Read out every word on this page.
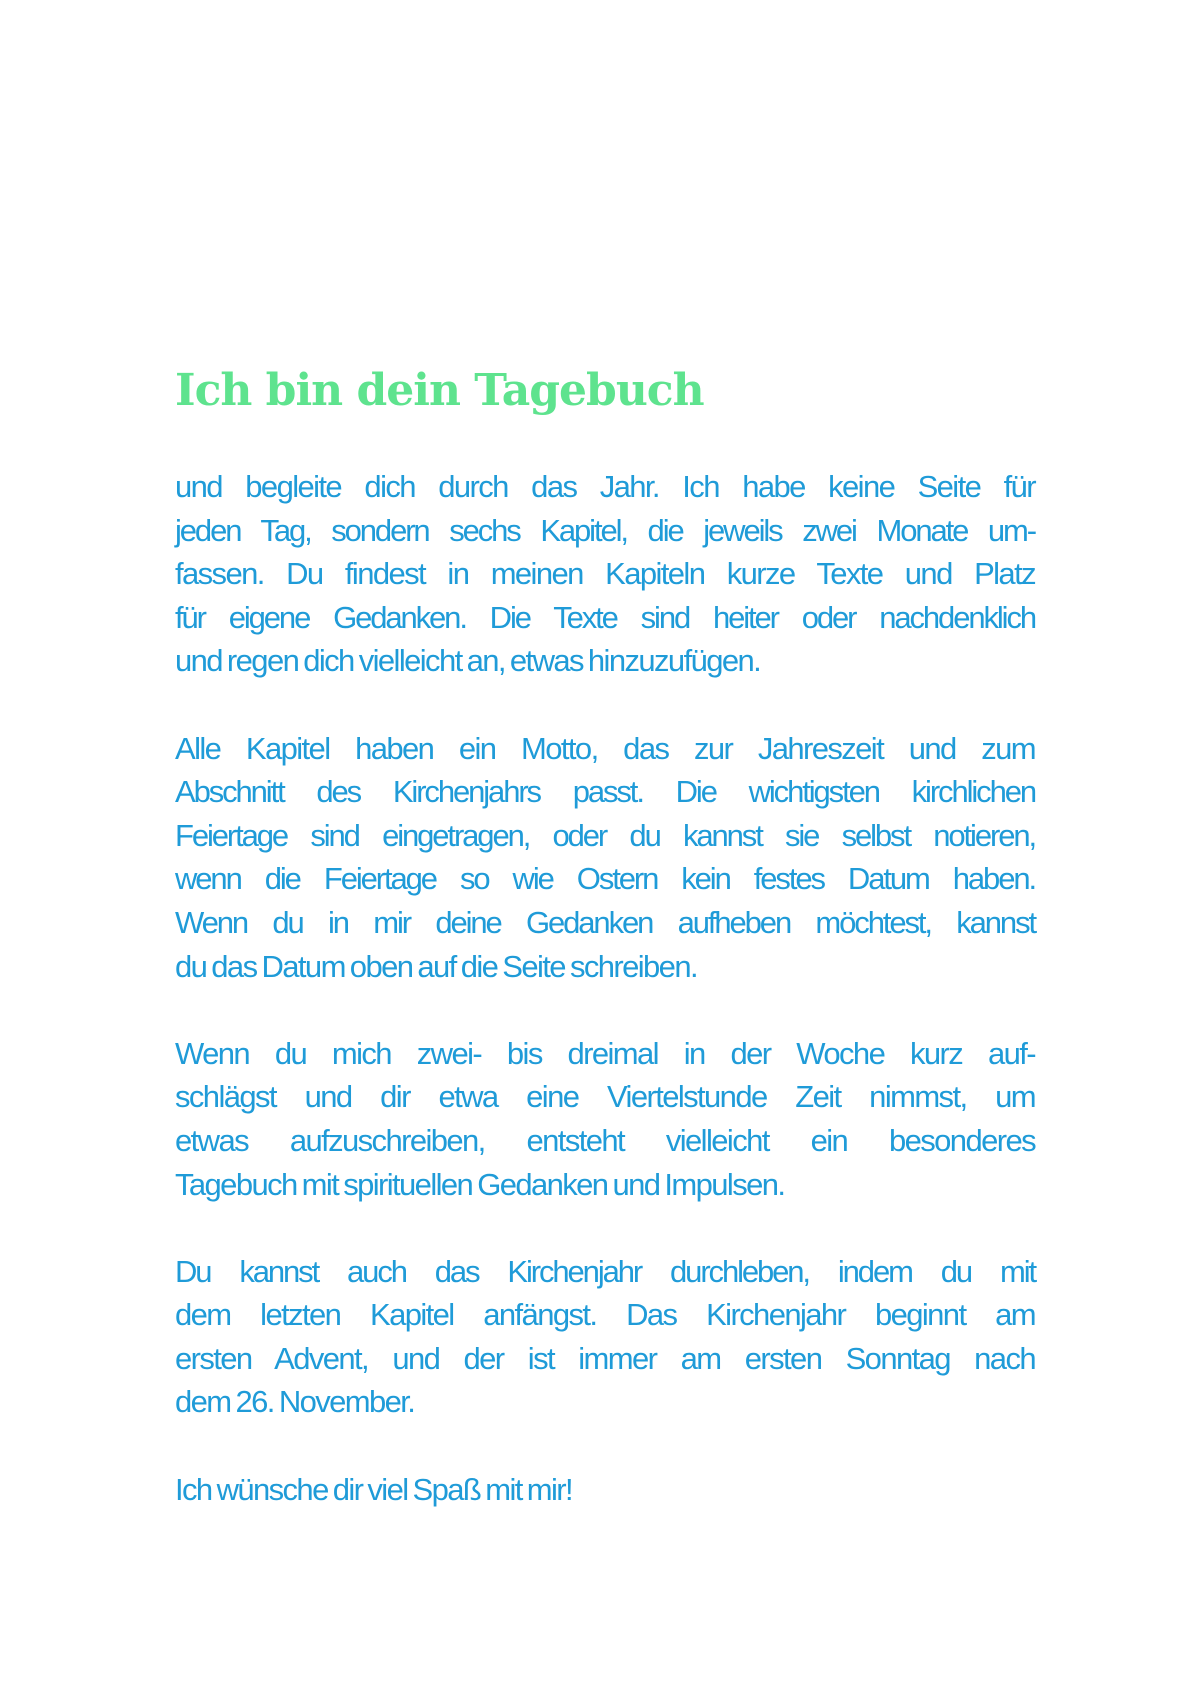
Ich bin dein Tagebuch

und begleite dich durch das Jahr. Ich habe keine Seite für
jeden Tag, sondern sechs Kapitel, die jeweils zwei Monate um-
fassen. Du findest in meinen Kapiteln kurze Texte und Platz
für eigene Gedanken. Die Texte sind heiter oder nachdenklich
und regen dich vielleicht an, etwas hinzuzufügen.

Alle Kapitel haben ein Motto, das zur Jahreszeit und zum
Abschnitt des Kirchenjahrs passt. Die wichtigsten kirchlichen
Feiertage sind eingetragen, oder du kannst sie selbst notieren,
wenn die Feiertage so wie Ostern kein festes Datum haben.
Wenn du in mir deine Gedanken aufheben möchtest, kannst
du das Datum oben auf die Seite schreiben.

Wenn du mich zwei- bis dreimal in der Woche kurz auf-
schlägst und dir etwa eine Viertelstunde Zeit nimmst, um
etwas aufzuschreiben, entsteht vielleicht ein besonderes
Tagebuch mit spirituellen Gedanken und Impulsen.

Du kannst auch das Kirchenjahr durchleben, indem du mit
dem letzten Kapitel anfängst. Das Kirchenjahr beginnt am
ersten Advent, und der ist immer am ersten Sonntag nach
dem 26. November.

Ich wünsche dir viel Spaß mit mir!
